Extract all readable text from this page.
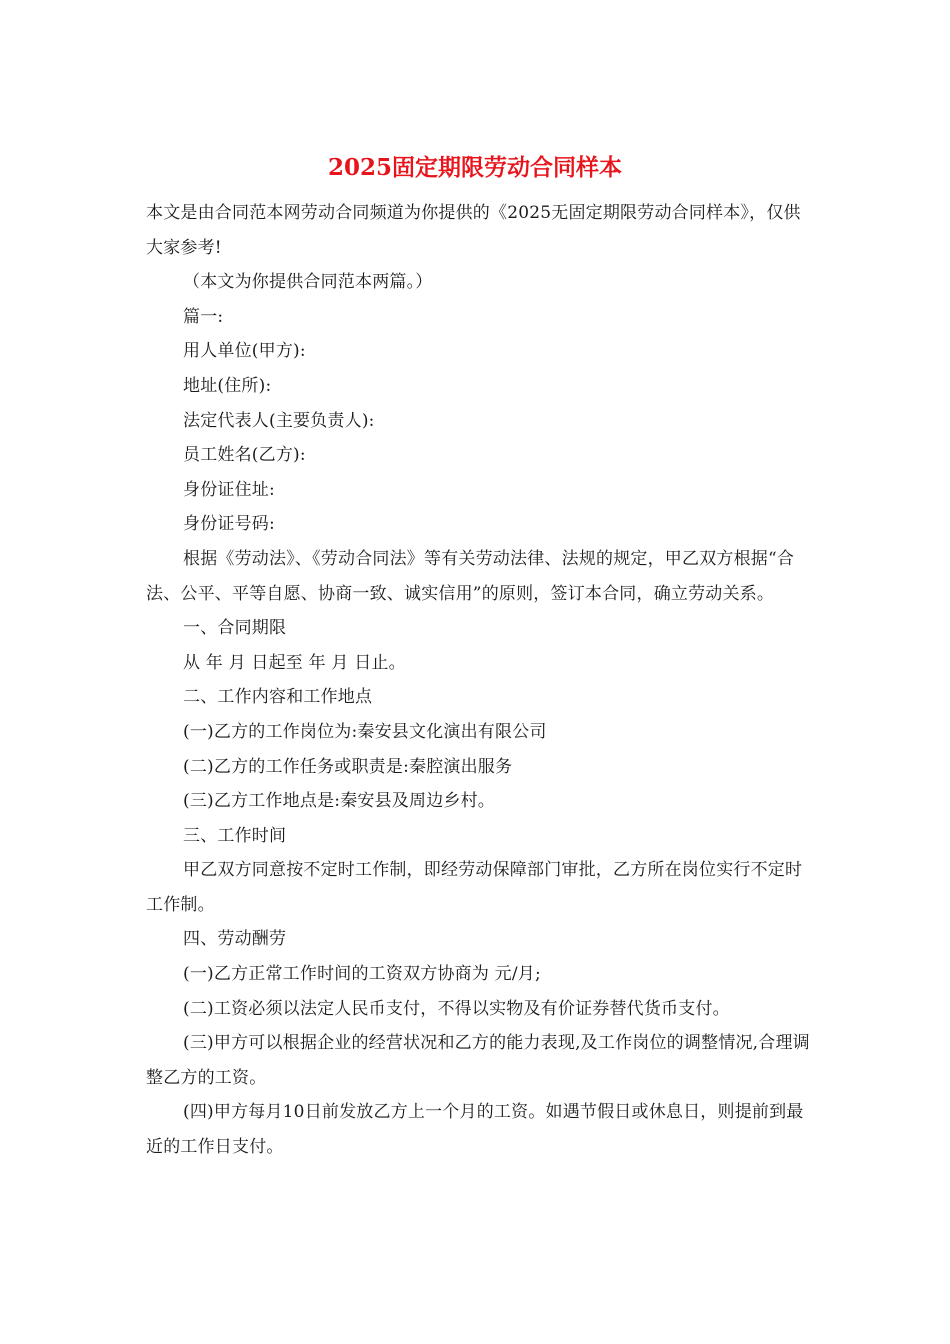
2025固定期限劳动合同样本

本文是由合同范本网劳动合同频道为你提供的《2025无固定期限劳动合同样本》，仅供大家参考!

（本文为你提供合同范本两篇。）

篇一:

用人单位(甲方):

地址(住所):

法定代表人(主要负责人):

员工姓名(乙方):

身份证住址:

身份证号码:

根据《劳动法》、《劳动合同法》等有关劳动法律、法规的规定，甲乙双方根据“合法、公平、平等自愿、协商一致、诚实信用”的原则，签订本合同，确立劳动关系。

一、合同期限

从 年 月 日起至 年 月 日止。

二、工作内容和工作地点

(一)乙方的工作岗位为:秦安县文化演出有限公司

(二)乙方的工作任务或职责是:秦腔演出服务

(三)乙方工作地点是:秦安县及周边乡村。

三、工作时间

甲乙双方同意按不定时工作制，即经劳动保障部门审批，乙方所在岗位实行不定时工作制。

四、劳动酬劳

(一)乙方正常工作时间的工资双方协商为 元/月;

(二)工资必须以法定人民币支付，不得以实物及有价证券替代货币支付。

(三)甲方可以根据企业的经营状况和乙方的能力表现,及工作岗位的调整情况,合理调整乙方的工资。

(四)甲方每月10日前发放乙方上一个月的工资。如遇节假日或休息日，则提前到最近的工作日支付。
